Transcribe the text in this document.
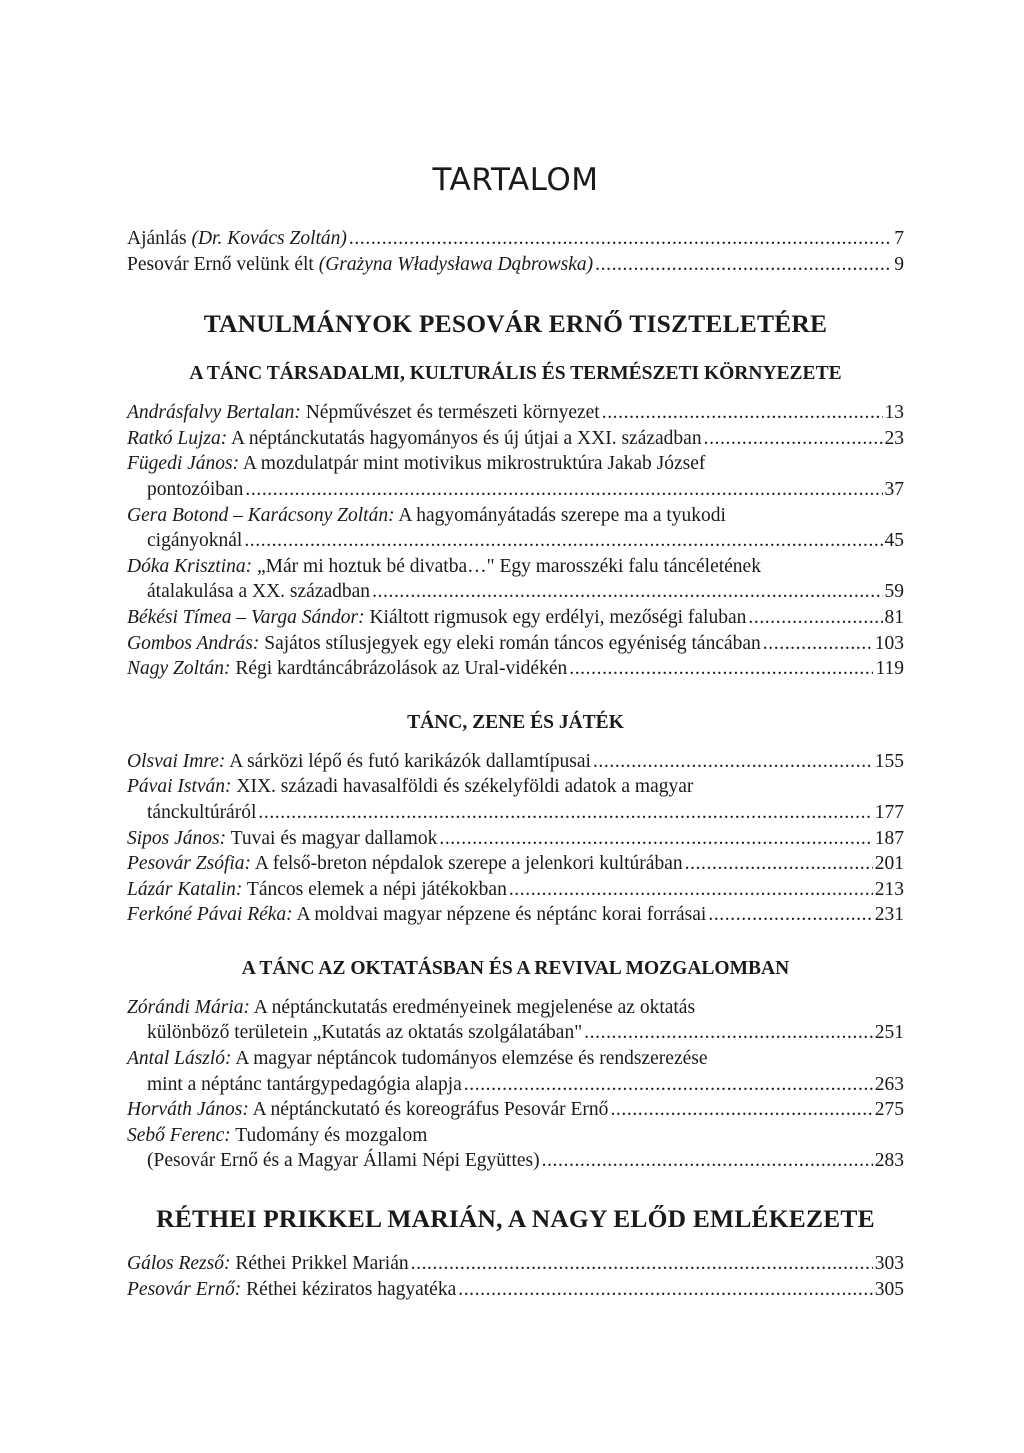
TARTALOM
Ajánlás (Dr. Kovács Zoltán) .....	7
Pesovár Ernő velünk élt (Grażyna Władysława Dąbrowska) .....	9
TANULMÁNYOK PESOVÁR ERNŐ TISZTELETÉRE
A TÁNC TÁRSADALMI, KULTURÁLIS ÉS TERMÉSZETI KÖRNYEZETE
Andrásfalvy Bertalan: Népművészet és természeti környezet .....	13
Ratkó Lujza: A néptánckutatás hagyományos és új útjai a XXI. században .....	23
Fügedi János: A mozdulatpár mint motivikus mikrostruktúra Jakab József
pontozóiban .....	37
Gera Botond – Karácsony Zoltán: A hagyományátadás szerepe ma a tyukodi
cigányoknál .....	45
Dóka Krisztina: „Már mi hoztuk bé divatba…" Egy marosszéki falu táncéletének
átalakulása a XX. században .....	59
Békési Tímea – Varga Sándor: Kiáltott rigmusok egy erdélyi, mezőségi faluban .....	81
Gombos András: Sajátos stílusjegyek egy eleki román táncos egyéniség táncában .....	103
Nagy Zoltán: Régi kardtáncábrázolások az Ural-vidékén .....	119
TÁNC, ZENE ÉS JÁTÉK
Olsvai Imre: A sárközi lépő és futó karikázók dallamtípusai .....	155
Pávai István: XIX. századi havasalföldi és székelyföldi adatok a magyar
tánckultúráról .....	177
Sipos János: Tuvai és magyar dallamok .....	187
Pesovár Zsófia: A felső-breton népdalok szerepe a jelenkori kultúrában .....	201
Lázár Katalin: Táncos elemek a népi játékokban .....	213
Ferkóné Pávai Réka: A moldvai magyar népzene és néptánc korai forrásai .....	231
A TÁNC AZ OKTATÁSBAN ÉS A REVIVAL MOZGALOMBAN
Zórándi Mária: A néptánckutatás eredményeinek megjelenése az oktatás
különböző területein „Kutatás az oktatás szolgálatában" .....	251
Antal László: A magyar néptáncok tudományos elemzése és rendszerezése
mint a néptánc tantárgypedagógia alapja .....	263
Horváth János: A néptánckutató és koreográfus Pesovár Ernő .....	275
Sebő Ferenc: Tudomány és mozgalom
(Pesovár Ernő és a Magyar Állami Népi Együttes) .....	283
RÉTHEI PRIKKEL MARIÁN, A NAGY ELŐD EMLÉKEZETE
Gálos Rezső: Réthei Prikkel Marián .....	303
Pesovár Ernő: Réthei kéziratos hagyatéka .....	305
